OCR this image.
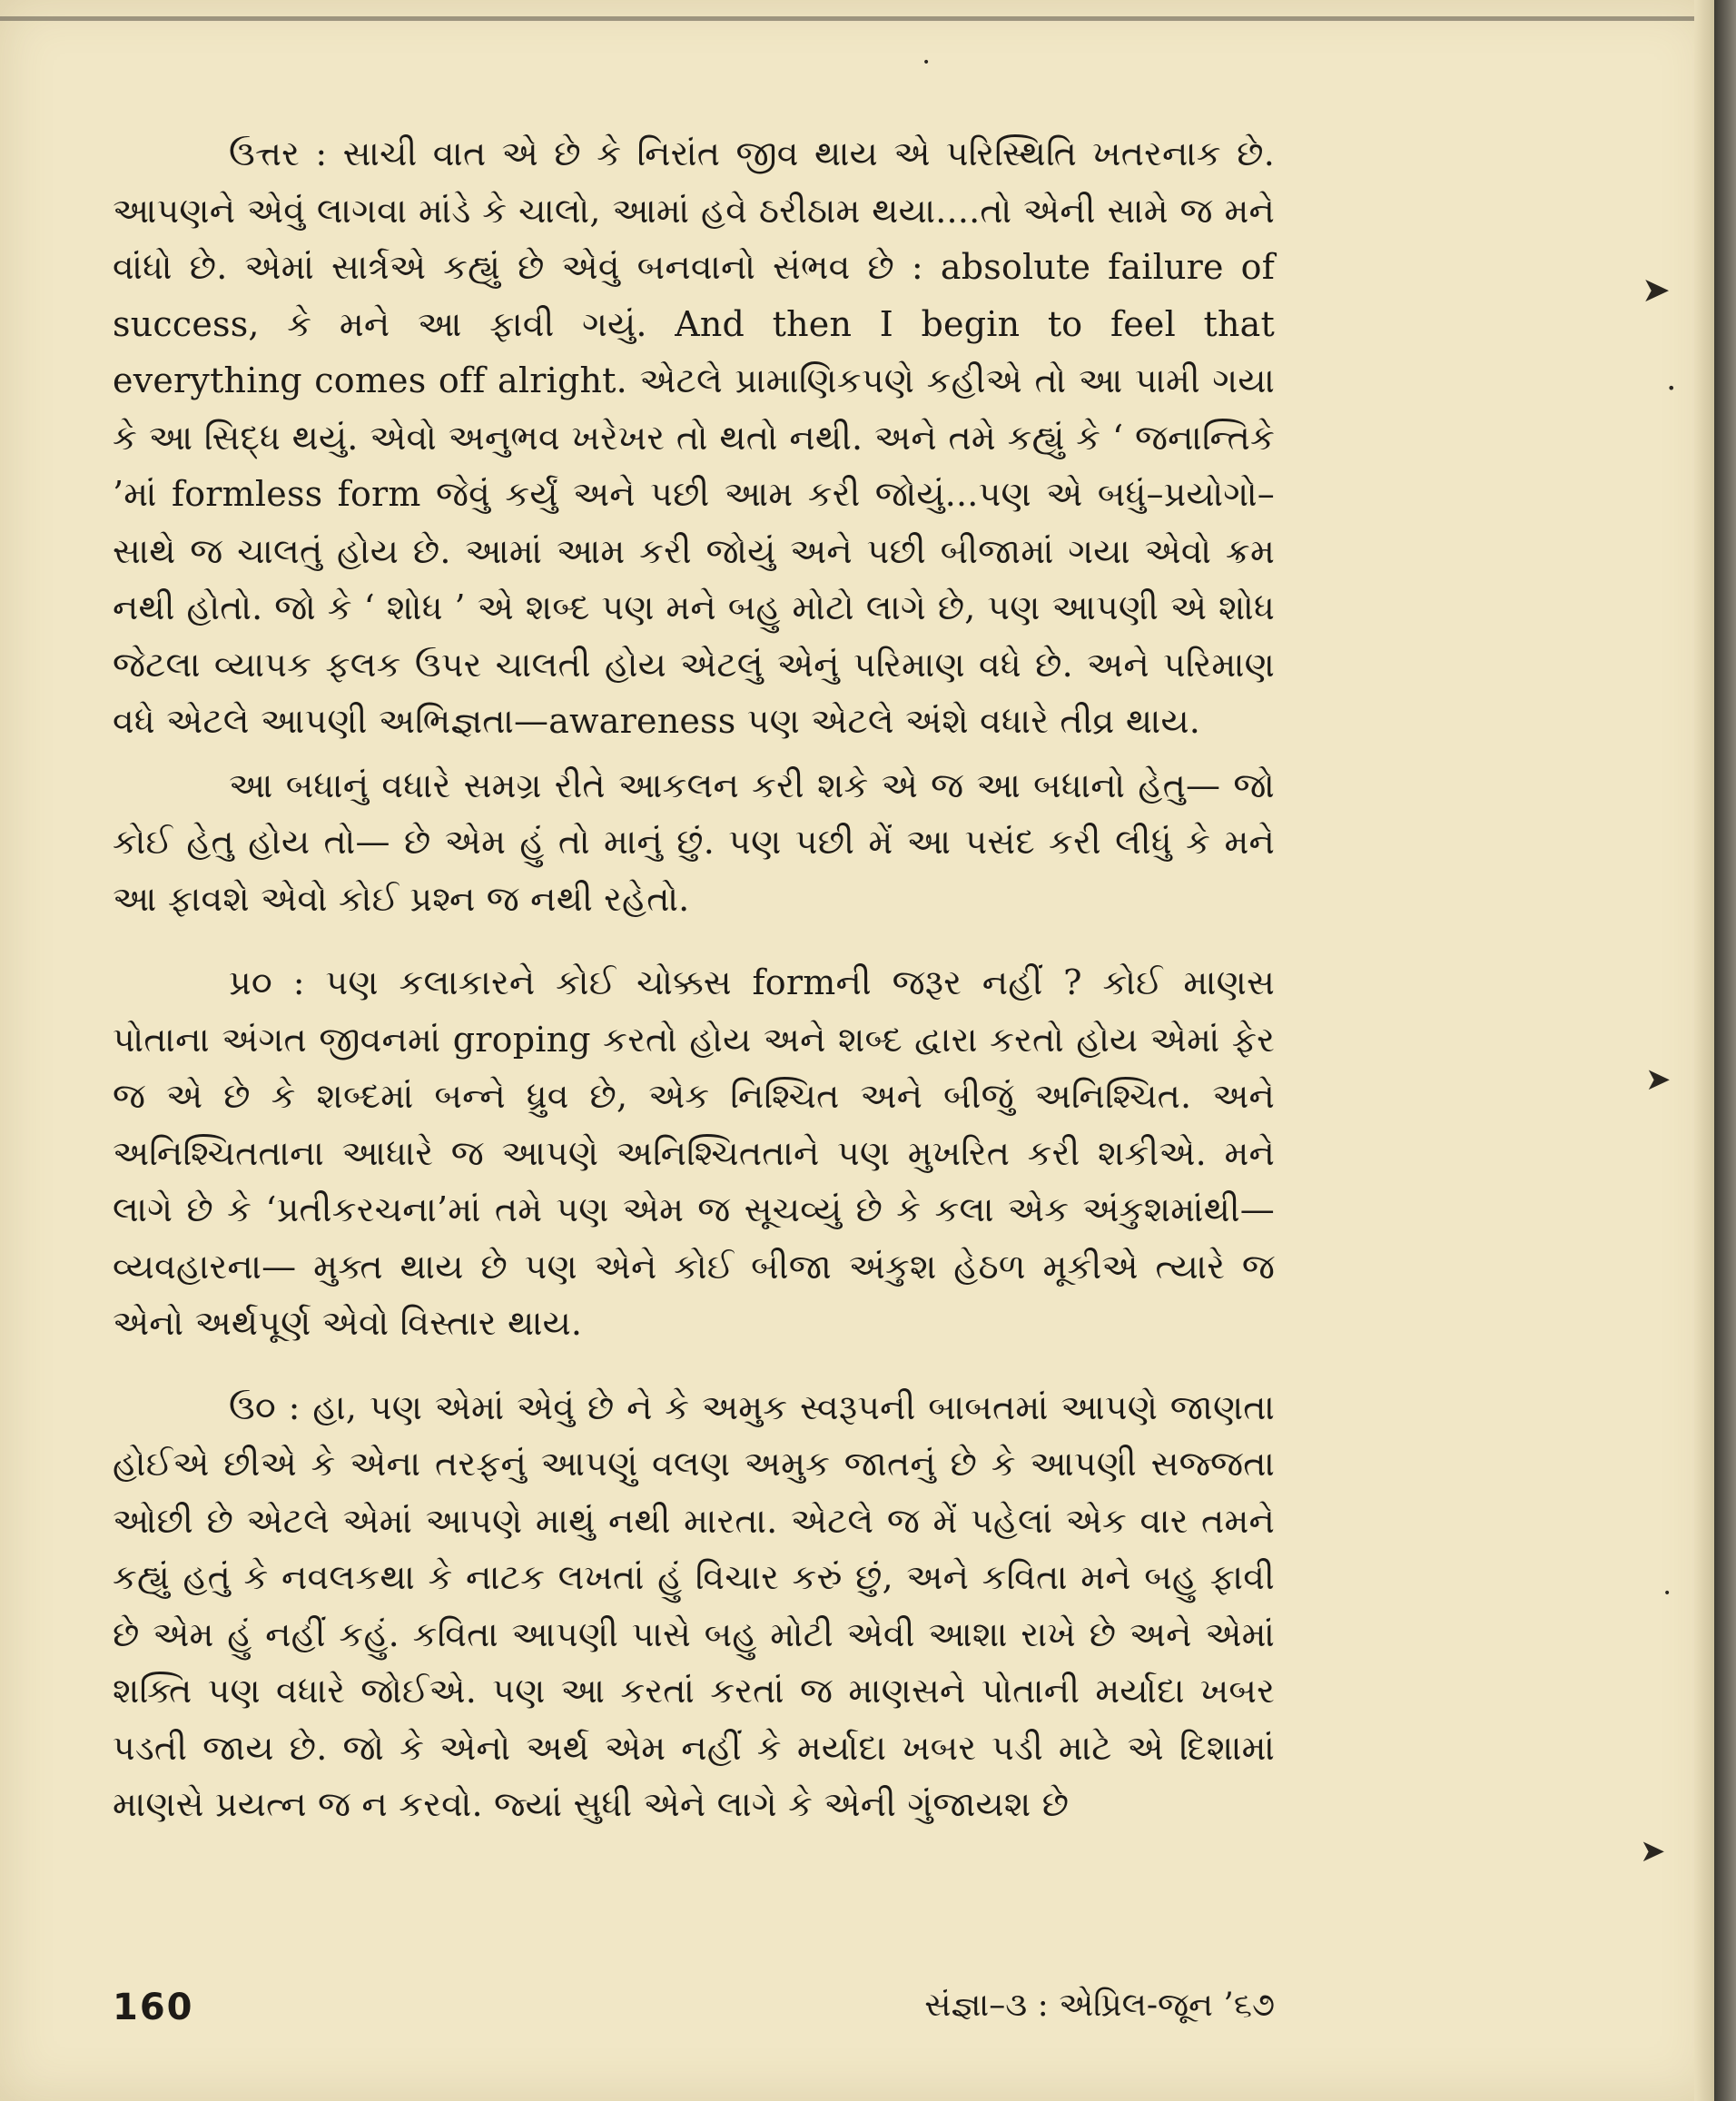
•
➤
•
➤
•
➤

ઉત્તર : સાચી વાત એ છે કે નિરાંત જીવ થાય એ પરિસ્થિતિ ખતરનાક છે. આપણને એવું લાગવા માંડે કે ચાલો, આમાં હવે ઠરીઠામ થયા....તો એની સામે જ મને વાંધો છે. એમાં સાર્ત્રએ કહ્યું છે એવું બનવાનો સંભવ છે : absolute failure of success, કે મને આ ફાવી ગયું. And then I begin to feel that everything comes off alright. એટલે પ્રામાણિકપણે કહીએ તો આ પામી ગયા કે આ સિદ્ધ થયું. એવો અનુભવ ખરેખર તો થતો નથી. અને તમે કહ્યું કે ‘ જનાન્તિકે ’માં formless form જેવું કર્યું અને પછી આમ કરી જોયું...પણ એ બધું–પ્રયોગો–સાથે જ ચાલતું હોય છે. આમાં આમ કરી જોયું અને પછી બીજામાં ગયા એવો ક્રમ નથી હોતો. જો કે ‘ શોધ ’ એ શબ્દ પણ મને બહુ મોટો લાગે છે, પણ આપણી એ શોધ જેટલા વ્યાપક ફલક ઉપર ચાલતી હોય એટલું એનું પરિમાણ વધે છે. અને પરિમાણ વધે એટલે આપણી અભિજ્ઞતા—awareness પણ એટલે અંશે વધારે તીવ્ર થાય.

આ બધાનું વધારે સમગ્ર રીતે આકલન કરી શકે એ જ આ બધાનો હેતુ— જો કોઈ હેતુ હોય તો— છે એમ હું તો માનું છું. પણ પછી મેં આ પસંદ કરી લીધું કે મને આ ફાવશે એવો કોઈ પ્રશ્ન જ નથી રહેતો.

પ્ર૦ : પણ કલાકારને કોઈ ચોક્કસ formની જરૂર નહીં ? કોઈ માણસ પોતાના અંગત જીવનમાં groping કરતો હોય અને શબ્દ દ્વારા કરતો હોય એમાં ફેર જ એ છે કે શબ્દમાં બન્ને ધ્રુવ છે, એક નિશ્ચિત અને બીજું અનિશ્ચિત. અને અનિશ્ચિતતાના આધારે જ આપણે અનિશ્ચિતતાને પણ મુખરિત કરી શકીએ. મને લાગે છે કે ‘પ્રતીકરચના’માં તમે પણ એમ જ સૂચવ્યું છે કે કલા એક અંકુશમાંથી— વ્યવહારના— મુક્ત થાય છે પણ એને કોઈ બીજા અંકુશ હેઠળ મૂકીએ ત્યારે જ એનો અર્થપૂર્ણ એવો વિસ્તાર થાય.

ઉ૦ : હા, પણ એમાં એવું છે ને કે અમુક સ્વરૂપની બાબતમાં આપણે જાણતા હોઈએ છીએ કે એના તરફનું આપણું વલણ અમુક જાતનું છે કે આપણી સજ્જતા ઓછી છે એટલે એમાં આપણે માથું નથી મારતા. એટલે જ મેં પહેલાં એક વાર તમને કહ્યું હતું કે નવલકથા કે નાટક લખતાં હું વિચાર કરું છું, અને કવિતા મને બહુ ફાવી છે એમ હું નહીં કહું. કવિતા આપણી પાસે બહુ મોટી એવી આશા રાખે છે અને એમાં શક્તિ પણ વધારે જોઈએ. પણ આ કરતાં કરતાં જ માણસને પોતાની મર્યાદા ખબર પડતી જાય છે. જો કે એનો અર્થ એમ નહીં કે મર્યાદા ખબર પડી માટે એ દિશામાં માણસે પ્રયત્ન જ ન કરવો. જ્યાં સુધી એને લાગે કે એની ગુંજાયશ છે

160	સંજ્ઞા–૩ : એપ્રિલ-જૂન ’૬૭
